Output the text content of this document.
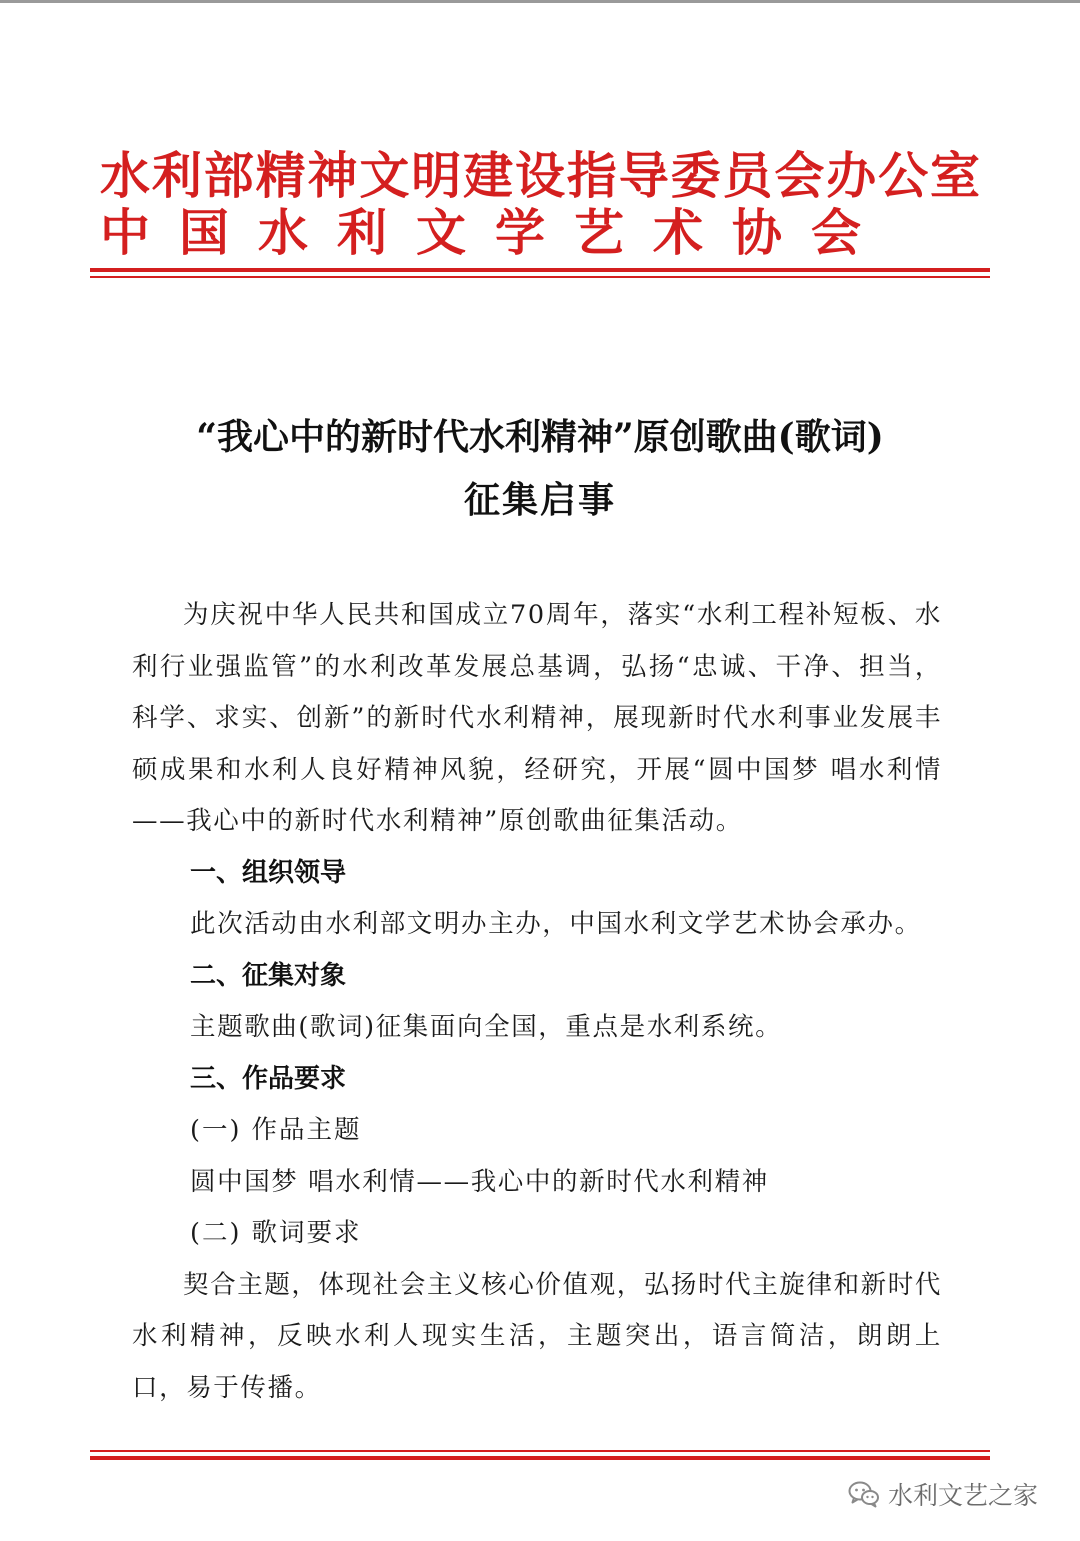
水利部精神文明建设指导委员会办公室
中国水利文学艺术协会
“我心中的新时代水利精神”原创歌曲(歌词)
征集启事

为庆祝中华人民共和国成立70周年，落实“水利工程补短板、水利行业强监管”的水利改革发展总基调，弘扬“忠诚、干净、担当，科学、求实、创新”的新时代水利精神，展现新时代水利事业发展丰硕成果和水利人良好精神风貌，经研究，开展“圆中国梦 唱水利情——我心中的新时代水利精神”原创歌曲征集活动。

一、组织领导

此次活动由水利部文明办主办，中国水利文学艺术协会承办。

二、征集对象

主题歌曲(歌词)征集面向全国，重点是水利系统。

三、作品要求

(一) 作品主题

圆中国梦 唱水利情——我心中的新时代水利精神

(二) 歌词要求

契合主题，体现社会主义核心价值观，弘扬时代主旋律和新时代水利精神，反映水利人现实生活，主题突出，语言简洁，朗朗上口，易于传播。

水利文艺之家
